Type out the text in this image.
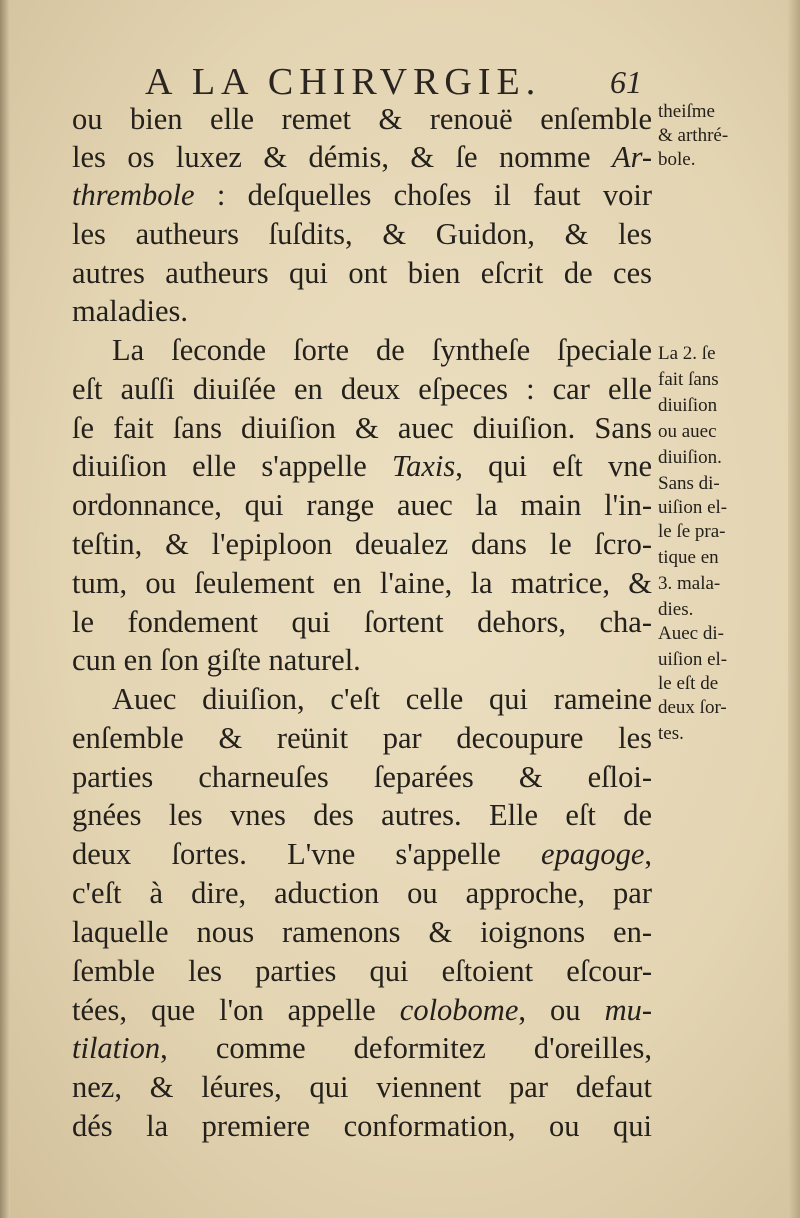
A LA CHIRVRGIE. 61
ou bien elle remet & renouë enſemble
les os luxez & démis, & ſe nomme Ar-
thrembole : deſquelles choſes il faut voir
les autheurs ſuſdits, & Guidon, & les
autres autheurs qui ont bien eſcrit de ces
maladies.
La ſeconde ſorte de ſyntheſe ſpeciale
eſt auſſi diuiſée en deux eſpeces : car elle
ſe fait ſans diuiſion & auec diuiſion. Sans
diuiſion elle s'appelle Taxis, qui eſt vne
ordonnance, qui range auec la main l'in-
teſtin, & l'epiploon deualez dans le ſcro-
tum, ou ſeulement en l'aine, la matrice, &
le fondement qui ſortent dehors, cha-
cun en ſon giſte naturel.
Auec diuiſion, c'eſt celle qui rameine
enſemble & reünit par decoupure les
parties charneuſes ſeparées & eſloi-
gnées les vnes des autres. Elle eſt de
deux ſortes. L'vne s'appelle epagoge,
c'eſt à dire, aduction ou approche, par
laquelle nous ramenons & ioignons en-
ſemble les parties qui eſtoient eſcour-
tées, que l'on appelle colobome, ou mu-
tilation, comme deformitez d'oreilles,
nez, & léures, qui viennent par defaut
dés la premiere conformation, ou qui
theiſme
& arthré-
bole.
La 2. ſe
fait ſans
diuiſion
ou auec
diuiſion.
Sans di-
uiſion el-
le ſe pra-
tique en
3. mala-
dies.
Auec di-
uiſion el-
le eſt de
deux ſor-
tes.
